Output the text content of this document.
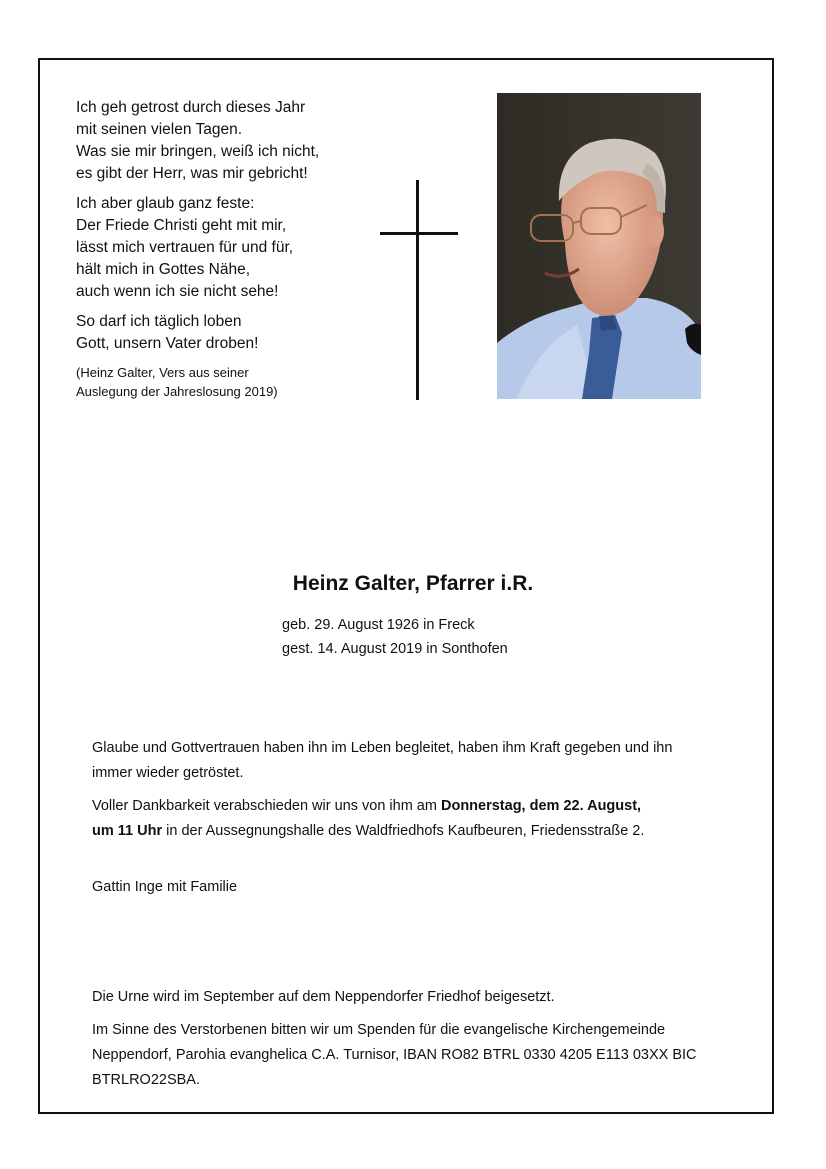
Ich geh getrost durch dieses Jahr
mit seinen vielen Tagen.
Was sie mir bringen, weiß ich nicht,
es gibt der Herr, was mir gebricht!
Ich aber glaub ganz feste:
Der Friede Christi geht mit mir,
lässt mich vertrauen für und für,
hält mich in Gottes Nähe,
auch wenn ich sie nicht sehe!
So darf ich täglich loben
Gott, unsern Vater droben!
(Heinz Galter, Vers aus seiner
Auslegung der Jahreslosung 2019)
Heinz Galter, Pfarrer i.R.
geb. 29. August 1926 in Freck
gest. 14. August 2019 in Sonthofen

Glaube und Gottvertrauen haben ihn im Leben begleitet, haben ihm Kraft gegeben und ihn immer wieder getröstet.

Voller Dankbarkeit verabschieden wir uns von ihm am Donnerstag, dem 22. August,
um 11 Uhr in der Aussegnungshalle des Waldfriedhofs Kaufbeuren, Friedensstraße 2.

Gattin Inge mit Familie

Die Urne wird im September auf dem Neppendorfer Friedhof beigesetzt.

Im Sinne des Verstorbenen bitten wir um Spenden für die evangelische Kirchengemeinde Neppendorf, Parohia evanghelica C.A. Turnisor, IBAN RO82 BTRL 0330 4205 E113 03XX BIC BTRLRO22SBA.
